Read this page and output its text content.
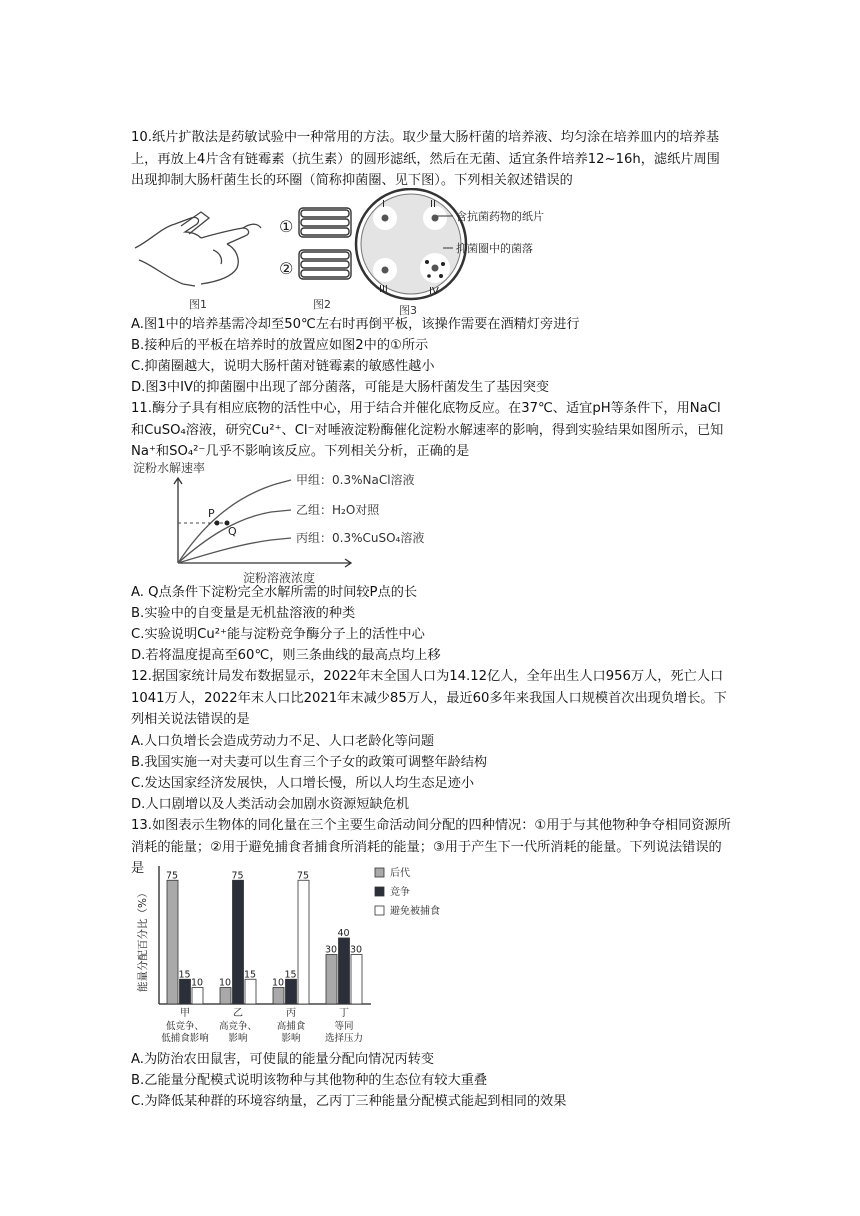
10.纸片扩散法是药敏试验中一种常用的方法。取少量大肠杆菌的培养液、均匀涂在培养皿内的培养基上，再放上4片含有链霉素（抗生素）的圆形滤纸，然后在无菌、适宜条件培养12~16h，滤纸片周围出现抑制大肠杆菌生长的环圈（简称抑菌圈、见下图）。下列相关叙述错误的

图1
①
②
图2
I	II
III	IV
含抗菌药物的纸片
抑菌圈中的菌落
图3

A.图1中的培养基需冷却至50℃左右时再倒平板，该操作需要在酒精灯旁进行

B.接种后的平板在培养时的放置应如图2中的①所示

C.抑菌圈越大，说明大肠杆菌对链霉素的敏感性越小

D.图3中IV的抑菌圈中出现了部分菌落，可能是大肠杆菌发生了基因突变

11.酶分子具有相应底物的活性中心，用于结合并催化底物反应。在37℃、适宜pH等条件下，用NaCl和CuSO₄溶液，研究Cu²⁺、Cl⁻对唾液淀粉酶催化淀粉水解速率的影响，得到实验结果如图所示，已知Na⁺和SO₄²⁻几乎不影响该反应。下列相关分析，正确的是

淀粉水解速率
P
Q
甲组：0.3%NaCl溶液
乙组：H₂O对照
丙组：0.3%CuSO₄溶液
淀粉溶液浓度

A. Q点条件下淀粉完全水解所需的时间较P点的长

B.实验中的自变量是无机盐溶液的种类

C.实验说明Cu²⁺能与淀粉竞争酶分子上的活性中心

D.若将温度提高至60℃，则三条曲线的最高点均上移

12.据国家统计局发布数据显示，2022年末全国人口为14.12亿人，全年出生人口956万人，死亡人口1041万人，2022年末人口比2021年末减少85万人，最近60多年来我国人口规模首次出现负增长。下列相关说法错误的是

A.人口负增长会造成劳动力不足、人口老龄化等问题

B.我国实施一对夫妻可以生育三个子女的政策可调整年龄结构

C.发达国家经济发展快，人口增长慢，所以人均生态足迹小

D.人口剧增以及人类活动会加剧水资源短缺危机

13.如图表示生物体的同化量在三个主要生命活动间分配的四种情况：①用于与其他物种争夺相同资源所消耗的能量；②用于避免捕食者捕食所消耗的能量；③用于产生下一代所消耗的能量。下列说法错误的是

能量分配百分比（%）
75
15
10
甲
低竞争、
低捕食影响
10
75
15
乙
高竞争、
影响
10
15
75
丙
高捕食
影响
30
40
30
丁
等同
选择压力
后代
竞争
避免被捕食

A.为防治农田鼠害，可使鼠的能量分配向情况丙转变

B.乙能量分配模式说明该物种与其他物种的生态位有较大重叠

C.为降低某种群的环境容纳量，乙丙丁三种能量分配模式能起到相同的效果
